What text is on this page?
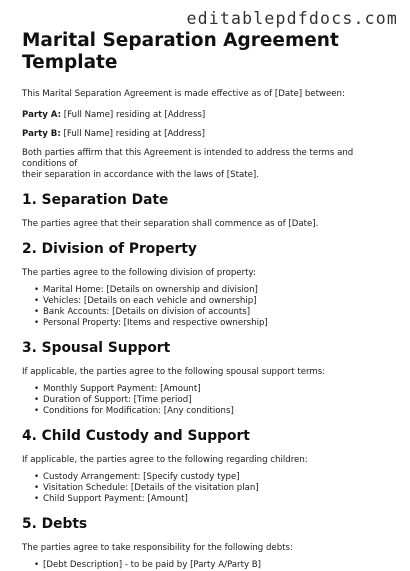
editablepdfdocs.com
Marital Separation Agreement
Template

This Marital Separation Agreement is made effective as of [Date] between:

Party A: [Full Name] residing at [Address]

Party B: [Full Name] residing at [Address]

Both parties affirm that this Agreement is intended to address the terms and conditions of
their separation in accordance with the laws of [State].

1. Separation Date

The parties agree that their separation shall commence as of [Date].

2. Division of Property

The parties agree to the following division of property:

• Marital Home: [Details on ownership and division]
• Vehicles: [Details on each vehicle and ownership]
• Bank Accounts: [Details on division of accounts]
• Personal Property: [Items and respective ownership]
3. Spousal Support

If applicable, the parties agree to the following spousal support terms:

• Monthly Support Payment: [Amount]
• Duration of Support: [Time period]
• Conditions for Modification: [Any conditions]
4. Child Custody and Support

If applicable, the parties agree to the following regarding children:

• Custody Arrangement: [Specify custody type]
• Visitation Schedule: [Details of the visitation plan]
• Child Support Payment: [Amount]
5. Debts

The parties agree to take responsibility for the following debts:

• [Debt Description] - to be paid by [Party A/Party B]
